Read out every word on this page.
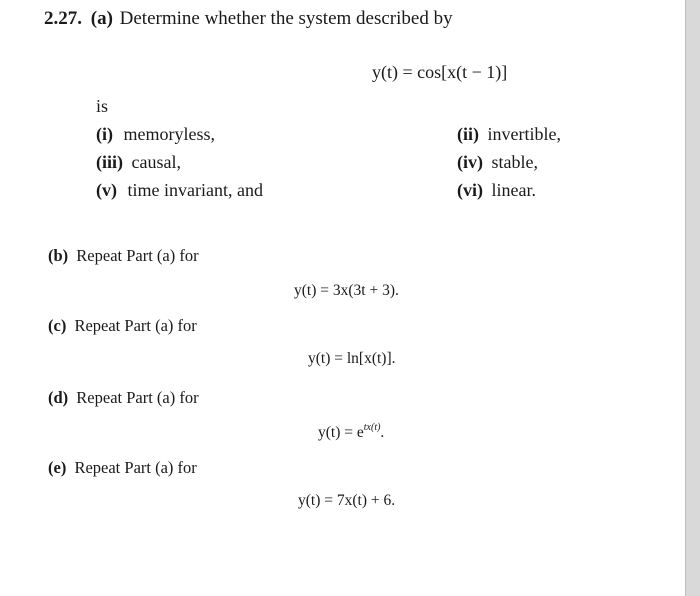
2.27. (a) Determine whether the system described by
y(t) = cos[x(t − 1)]
is
(i) memoryless,	(ii) invertible,
(iii) causal,	(iv) stable,
(v) time invariant, and	(vi) linear.
(b) Repeat Part (a) for
y(t) = 3x(3t + 3).
(c) Repeat Part (a) for
y(t) = ln[x(t)].
(d) Repeat Part (a) for
$y(t) = e^{tx(t)}$.
(e) Repeat Part (a) for
y(t) = 7x(t) + 6.
